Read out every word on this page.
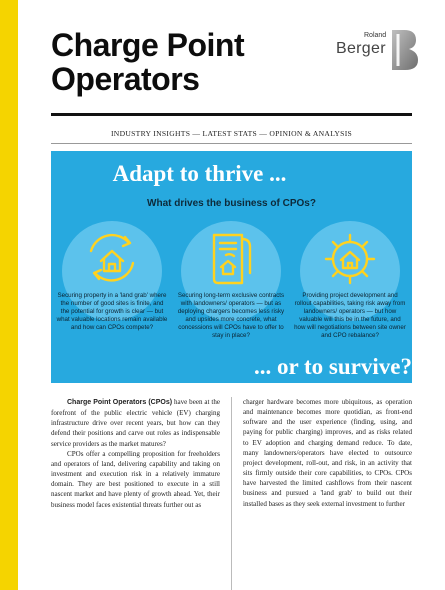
Charge Point
Operators
Roland
Berger
INDUSTRY INSIGHTS — LATEST STATS — OPINION & ANALYSIS
Adapt to thrive ...
What drives the business of CPOs?
Securing property in a 'land grab' where the number of good sites is finite, and the potential for growth is clear — but what valuable locations remain available and how can CPOs compete?
Securing long-term exclusive contracts with landowners/ operators — but as deploying chargers becomes less risky and upsides more concrete, what concessions will CPOs have to offer to stay in place?
Providing project development and rollout capabilities, taking risk away from landowners/ operators — but how valuable will this be in the future, and how will negotiations between site owner and CPO rebalance?
... or to survive?

Charge Point Operators (CPOs) have been at the forefront of the public electric vehicle (EV) charging infrastructure drive over recent years, but how can they defend their positions and carve out roles as indispensable service providers as the market matures?

CPOs offer a compelling proposition for freeholders and operators of land, delivering capability and taking on investment and execution risk in a relatively immature domain. They are best positioned to execute in a still nascent market and have plenty of growth ahead. Yet, their business model faces existential threats further out as

charger hardware becomes more ubiquitous, as operation and maintenance becomes more quotidian, as front-end software and the user experience (finding, using, and paying for public charging) improves, and as risks related to EV adoption and charging demand reduce. To date, many landowners/operators have elected to outsource project development, roll-out, and risk, in an activity that sits firmly outside their core capabilities, to CPOs. CPOs have harvested the limited cashflows from their nascent business and pursued a 'land grab' to build out their installed bases as they seek external investment to further
